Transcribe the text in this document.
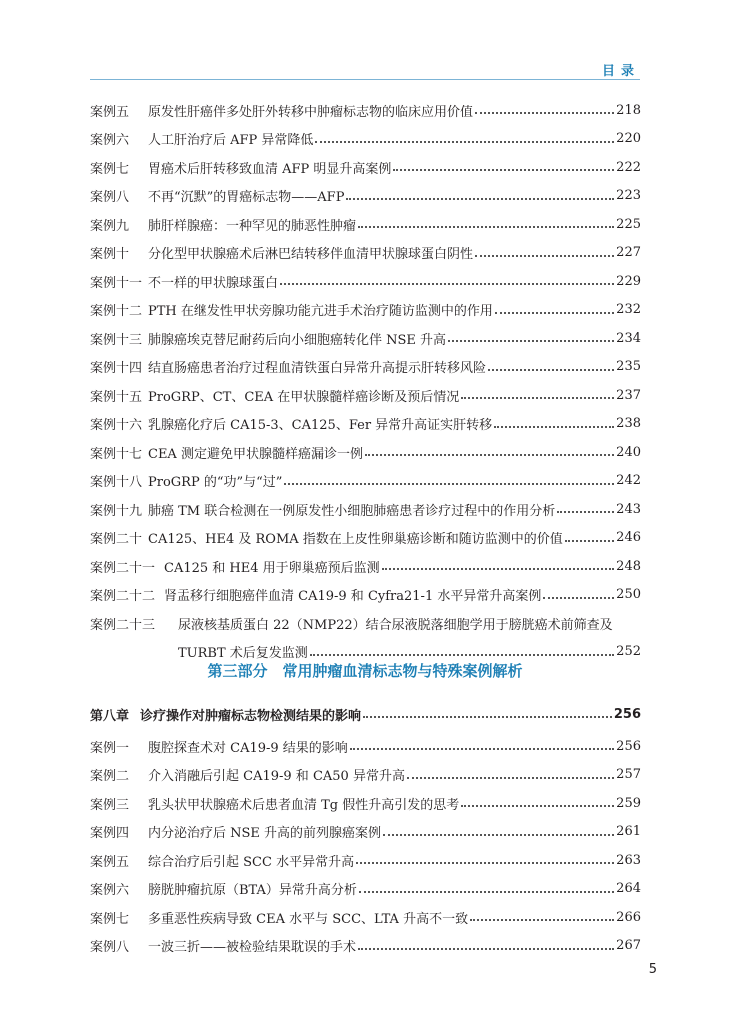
目录
案例五	原发性肝癌伴多处肝外转移中肿瘤标志物的临床应用价值	218
案例六	人工肝治疗后 AFP 异常降低	220
案例七	胃癌术后肝转移致血清 AFP 明显升高案例	222
案例八	不再“沉默”的胃癌标志物——AFP	223
案例九	肺肝样腺癌：一种罕见的肺恶性肿瘤	225
案例十	分化型甲状腺癌术后淋巴结转移伴血清甲状腺球蛋白阴性	227
案例十一 不一样的甲状腺球蛋白	229
案例十二 PTH 在继发性甲状旁腺功能亢进手术治疗随访监测中的作用	232
案例十三 肺腺癌埃克替尼耐药后向小细胞癌转化伴 NSE 升高	234
案例十四 结直肠癌患者治疗过程血清铁蛋白异常升高提示肝转移风险	235
案例十五 ProGRP、CT、CEA 在甲状腺髓样癌诊断及预后情况	237
案例十六 乳腺癌化疗后 CA15-3、CA125、Fer 异常升高证实肝转移	238
案例十七 CEA 测定避免甲状腺髓样癌漏诊一例	240
案例十八 ProGRP 的“功”与“过”	242
案例十九 肺癌 TM 联合检测在一例原发性小细胞肺癌患者诊疗过程中的作用分析	243
案例二十 CA125、HE4 及 ROMA 指数在上皮性卵巢癌诊断和随访监测中的价值	246
案例二十一 CA125 和 HE4 用于卵巢癌预后监测	248
案例二十二 肾盂移行细胞癌伴血清 CA19-9 和 Cyfra21-1 水平异常升高案例	250
案例二十三	尿液核基质蛋白 22（NMP22）结合尿液脱落细胞学用于膀胱癌术前筛查及
TURBT 术后复发监测	252
第三部分　常用肿瘤血清标志物与特殊案例解析
第八章 诊疗操作对肿瘤标志物检测结果的影响	256
案例一	腹腔探查术对 CA19-9 结果的影响	256
案例二	介入消融后引起 CA19-9 和 CA50 异常升高	257
案例三	乳头状甲状腺癌术后患者血清 Tg 假性升高引发的思考	259
案例四	内分泌治疗后 NSE 升高的前列腺癌案例	261
案例五	综合治疗后引起 SCC 水平异常升高	263
案例六	膀胱肿瘤抗原（BTA）异常升高分析	264
案例七	多重恶性疾病导致 CEA 水平与 SCC、LTA 升高不一致	266
案例八	一波三折——被检验结果耽误的手术	267
5
